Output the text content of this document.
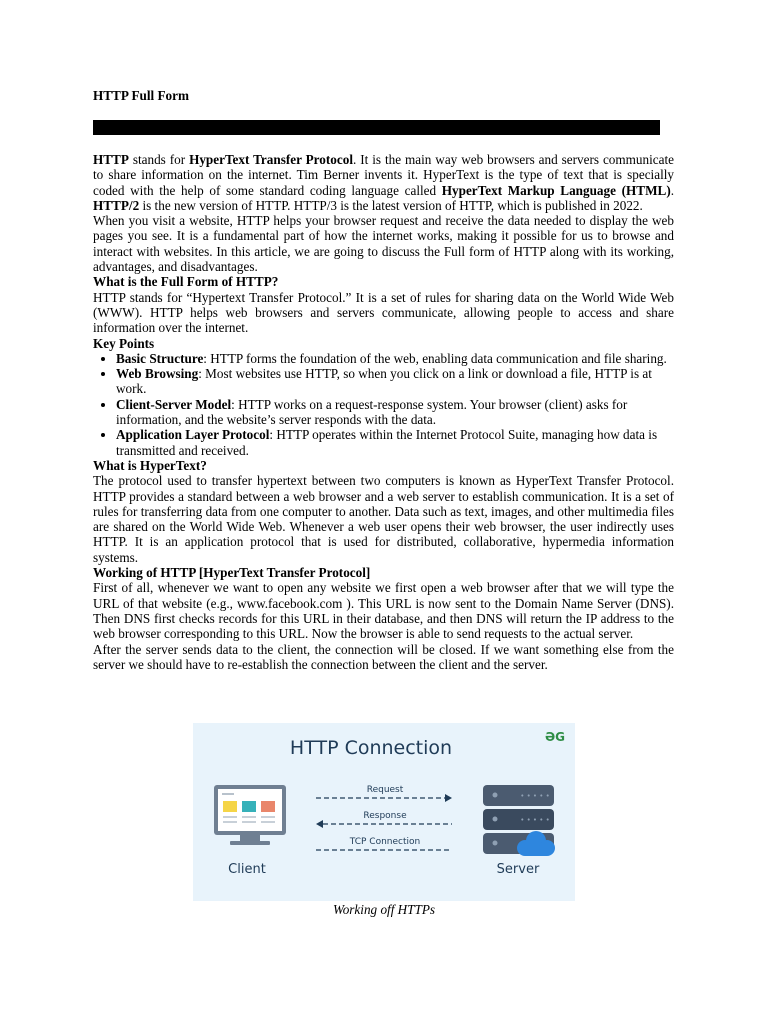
HTTP Full Form

HTTP stands for HyperText Transfer Protocol. It is the main way web browsers and servers communicate to share information on the internet. Tim Berner invents it. HyperText is the type of text that is specially coded with the help of some standard coding language called HyperText Markup Language (HTML). HTTP/2 is the new version of HTTP. HTTP/3 is the latest version of HTTP, which is published in 2022.

When you visit a website, HTTP helps your browser request and receive the data needed to display the web pages you see. It is a fundamental part of how the internet works, making it possible for us to browse and interact with websites. In this article, we are going to discuss the Full form of HTTP along with its working, advantages, and disadvantages.

What is the Full Form of HTTP?

HTTP stands for “Hypertext Transfer Protocol.” It is a set of rules for sharing data on the World Wide Web (WWW). HTTP helps web browsers and servers communicate, allowing people to access and share information over the internet.

Key Points
• Basic Structure: HTTP forms the foundation of the web, enabling data communication and file sharing.
• Web Browsing: Most websites use HTTP, so when you click on a link or download a file, HTTP is at work.
• Client-Server Model: HTTP works on a request-response system. Your browser (client) asks for information, and the website’s server responds with the data.
• Application Layer Protocol: HTTP operates within the Internet Protocol Suite, managing how data is transmitted and received.
What is HyperText?

The protocol used to transfer hypertext between two computers is known as HyperText Transfer Protocol. HTTP provides a standard between a web browser and a web server to establish communication. It is a set of rules for transferring data from one computer to another. Data such as text, images, and other multimedia files are shared on the World Wide Web. Whenever a web user opens their web browser, the user indirectly uses HTTP. It is an application protocol that is used for distributed, collaborative, hypermedia information systems.

Working of HTTP [HyperText Transfer Protocol]

First of all, whenever we want to open any website we first open a web browser after that we will type the URL of that website (e.g., www.facebook.com ). This URL is now sent to the Domain Name Server (DNS). Then DNS first checks records for this URL in their database, and then DNS will return the IP address to the web browser corresponding to this URL. Now the browser is able to send requests to the actual server.

After the server sends data to the client, the connection will be closed. If we want something else from the server we should have to re-establish the connection between the client and the server.

HTTP Connection	ƏG
Client
Request
Response
TCP Connection
• • • • •
• • • • •
Server
Working off HTTPs
